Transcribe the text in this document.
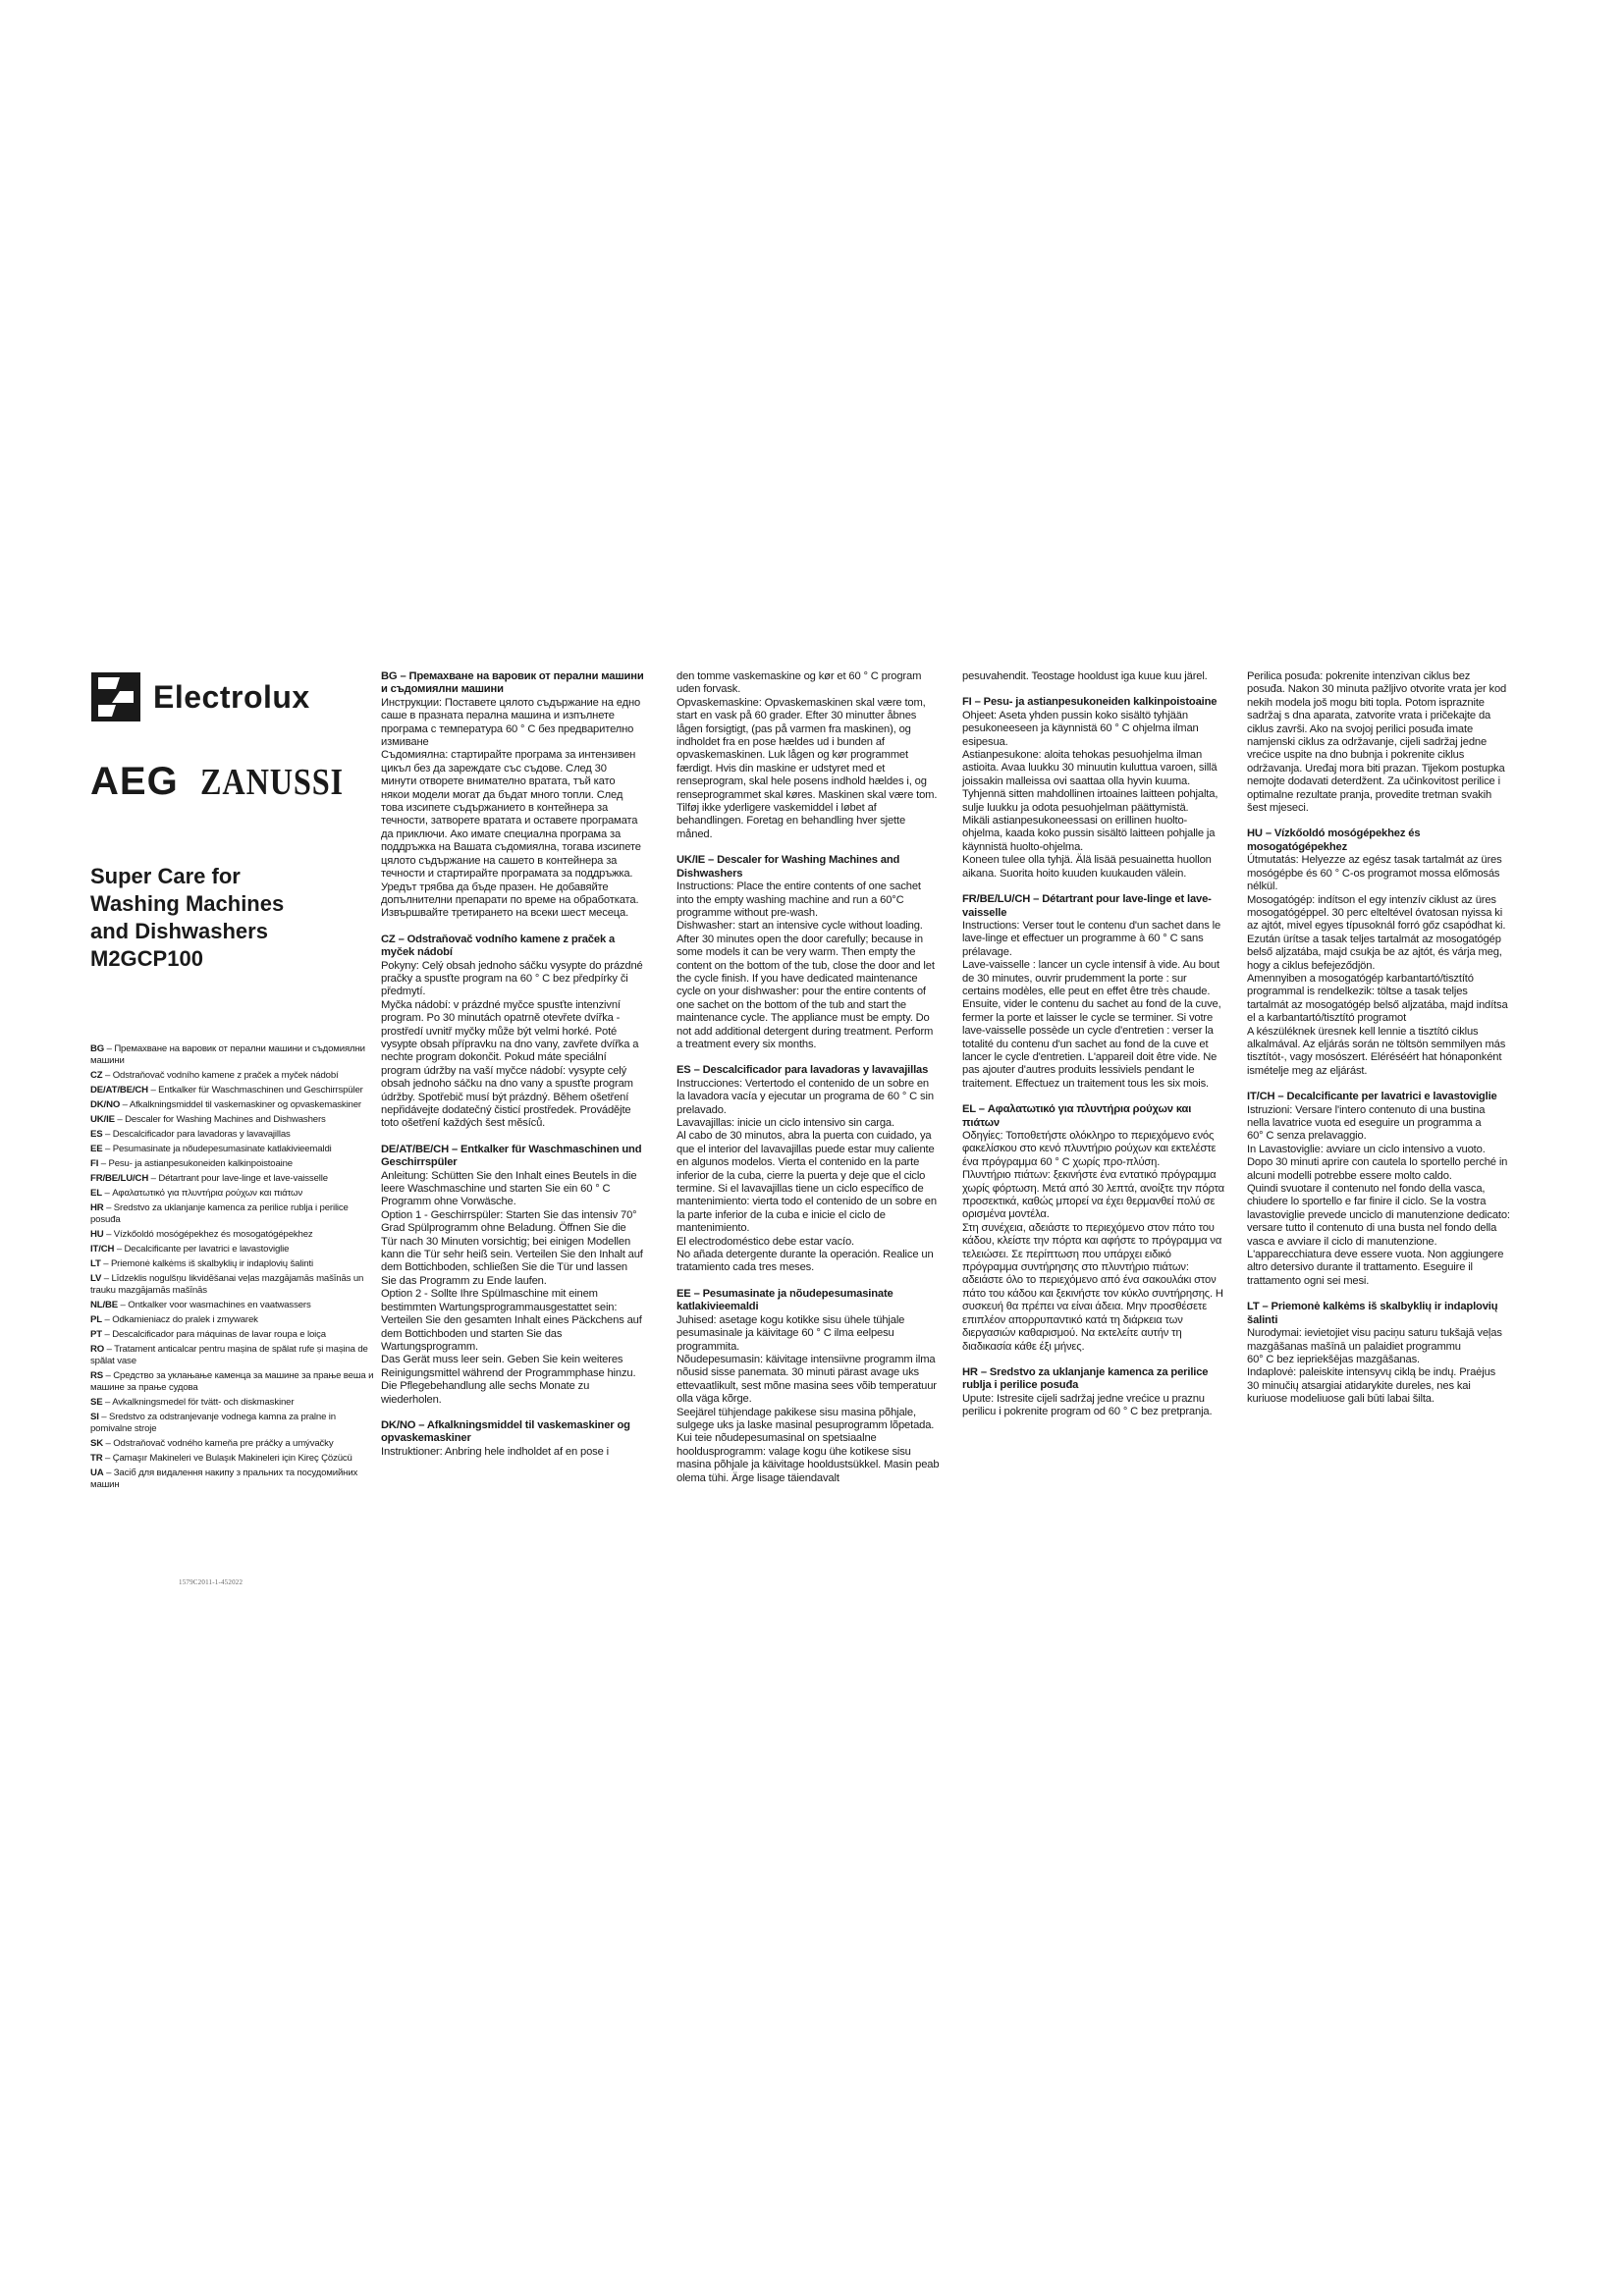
Electrolux
AEG ZANUSSI
Super Care for Washing Machines and Dishwashers
M2GCP100
BG – Премахване на варовик от перални машини и съдомиялни машини
CZ – Odstraňovač vodního kamene z praček a myček nádobí
DE/AT/BE/CH – Entkalker für Waschmaschinen und Geschirrspüler
DK/NO – Afkalkningsmiddel til vaskemaskiner og opvaskemaskiner
UK/IE – Descaler for Washing Machines and Dishwashers
ES – Descalcificador para lavadoras y lavavajillas
EE – Pesumasinate ja nõudepesumasinate katlakivieemaldi
FI – Pesu- ja astianpesukoneiden kalkinpoistoaine
FR/BE/LU/CH – Détartrant pour lave-linge et lave-vaisselle
EL – Αφαλατωτικό για πλυντήρια ρούχων και πιάτων
HR – Sredstvo za uklanjanje kamenca za perilice rublja i perilice posuđa
HU – Vízkőoldó mosógépekhez és mosogatógépekhez
IT/CH – Decalcificante per lavatrici e lavastoviglie
LT – Priemonė kalkėms iš skalbyklių ir indaplovių šalinti
LV – Līdzeklis nogulšņu likvidēšanai veļas mazgājamās mašīnās un trauku mazgājamās mašīnās
NL/BE – Ontkalker voor wasmachines en vaatwassers
PL – Odkamieniacz do pralek i zmywarek
PT – Descalcificador para máquinas de lavar roupa e loiça
RO – Tratament anticalcar pentru mașina de spălat rufe și mașina de spălat vase
RS – Средство за уклањање каменца за машине за прање веша и машине за прање судова
SE – Avkalkningsmedel för tvätt- och diskmaskiner
SI – Sredstvo za odstranjevanje vodnega kamna za pralne in pomivalne stroje
SK – Odstraňovač vodného kameňa pre práčky a umývačky
TR – Çamaşır Makineleri ve Bulaşık Makineleri için Kireç Çözücü
UA – Засіб для видалення накипу з пральних та посудомийних машин
1579C2011-1-452022
BG – Премахване на варовик от перални машини и съдомиялни машини
Инструкции: Поставете цялото съдържание на едно саше в празната перална машина и изпълнете програма с температура 60 ° С без предварително измиване
Съдомиялна: стартирайте програма за интензивен цикъл без да зареждате със съдове. След 30 минути отворете внимателно вратата, тъй като някои модели могат да бъдат много топли. След това изсипете съдържанието в контейнера за течности, затворете вратата и оставете програмата да приключи. Ако имате специална програма за поддръжка на Вашата съдомиялна, тогава изсипете цялото съдържание на сашето в контейнера за течности и стартирайте програмата за поддръжка. Уредът трябва да бъде празен. Не добавяйте допълнителни препарати по време на обработката. Извършвайте третирането на всеки шест месеца.
CZ – Odstraňovač vodního kamene z praček a myček nádobí
Pokyny: Celý obsah jednoho sáčku vysypte do prázdné pračky a spusťte program na 60 ° C bez předpírky či předmytí.
Myčka nádobí: v prázdné myčce spusťte intenzivní program. Po 30 minutách opatrně otevřete dvířka - prostředí uvnitř myčky může být velmi horké. Poté vysypte obsah přípravku na dno vany, zavřete dvířka a nechte program dokončit. Pokud máte speciální program údržby na vaší myčce nádobí: vysypte celý obsah jednoho sáčku na dno vany a spusťte program údržby. Spotřebič musí být prázdný. Během ošetření nepřidávejte dodatečný čisticí prostředek. Provádějte toto ošetření každých šest měsíců.
DE/AT/BE/CH – Entkalker für Waschmaschinen und Geschirrspüler
Anleitung: Schütten Sie den Inhalt eines Beutels in die leere Waschmaschine und starten Sie ein 60 ° C Programm ohne Vorwäsche.
Option 1 - Geschirrspüler: Starten Sie das intensiv 70° Grad Spülprogramm ohne Beladung. Öffnen Sie die Tür nach 30 Minuten vorsichtig; bei einigen Modellen kann die Tür sehr heiß sein. Verteilen Sie den Inhalt auf dem Bottichboden, schließen Sie die Tür und lassen Sie das Programm zu Ende laufen.
Option 2 - Sollte Ihre Spülmaschine mit einem bestimmten Wartungsprogrammausgestattet sein: Verteilen Sie den gesamten Inhalt eines Päckchens auf dem Bottichboden und starten Sie das Wartungsprogramm.
Das Gerät muss leer sein. Geben Sie kein weiteres Reinigungsmittel während der Programmphase hinzu. Die Pflegebehandlung alle sechs Monate zu wiederholen.
DK/NO – Afkalkningsmiddel til vaskemaskiner og opvaskemaskiner
Instruktioner: Anbring hele indholdet af en pose i
den tomme vaskemaskine og kør et 60 ° C program uden forvask.
Opvaskemaskine: Opvaskemaskinen skal være tom, start en vask på 60 grader. Efter 30 minutter åbnes lågen forsigtigt, (pas på varmen fra maskinen), og indholdet fra en pose hældes ud i bunden af opvaskemaskinen. Luk lågen og kør programmet færdigt. Hvis din maskine er udstyret med et renseprogram, skal hele posens indhold hældes i, og renseprogrammet skal køres. Maskinen skal være tom. Tilføj ikke yderligere vaskemiddel i løbet af behandlingen. Foretag en behandling hver sjette måned.
UK/IE – Descaler for Washing Machines and Dishwashers
Instructions: Place the entire contents of one sachet into the empty washing machine and run a 60°C programme without pre-wash.
Dishwasher: start an intensive cycle without loading. After 30 minutes open the door carefully; because in some models it can be very warm. Then empty the content on the bottom of the tub, close the door and let the cycle finish. If you have dedicated maintenance cycle on your dishwasher: pour the entire contents of one sachet on the bottom of the tub and start the maintenance cycle. The appliance must be empty. Do not add additional detergent during treatment. Perform a treatment every six months.
ES – Descalcificador para lavadoras y lavavajillas
Instrucciones: Vertertodo el contenido de un sobre en la lavadora vacía y ejecutar un programa de 60 ° C sin prelavado.
Lavavajillas: inicie un ciclo intensivo sin carga.
Al cabo de 30 minutos, abra la puerta con cuidado, ya que el interior del lavavajillas puede estar muy caliente en algunos modelos. Vierta el contenido en la parte inferior de la cuba, cierre la puerta y deje que el ciclo termine. Si el lavavajillas tiene un ciclo específico de mantenimiento: vierta todo el contenido de un sobre en la parte inferior de la cuba e inicie el ciclo de mantenimiento.
El electrodoméstico debe estar vacío.
No añada detergente durante la operación. Realice un tratamiento cada tres meses.
EE – Pesumasinate ja nõudepesumasinate katlakivieemaldi
Juhised: asetage kogu kotikke sisu ühele tühjale pesumasinale ja käivitage 60 ° C ilma eelpesu programmita.
Nõudepesumasin: käivitage intensiivne programm ilma nõusid sisse panemata. 30 minuti pärast avage uks ettevaatlikult, sest mõne masina sees võib temperatuur olla väga kõrge.
Seejärel tühjendage pakikese sisu masina põhjale, sulgege uks ja laske masinal pesuprogramm lõpetada. Kui teie nõudepesumasinal on spetsiaalne hooldusprogramm: valage kogu ühe kotikese sisu masina põhjale ja käivitage hooldustsükkel. Masin peab olema tühi. Ärge lisage täiendavalt
pesuvahendit. Teostage hooldust iga kuue kuu järel.
FI – Pesu- ja astianpesukoneiden kalkinpoistoaine
Ohjeet: Aseta yhden pussin koko sisältö tyhjään pesukoneeseen ja käynnistä 60 ° C ohjelma ilman esipesua.
Astianpesukone: aloita tehokas pesuohjelma ilman astioita. Avaa luukku 30 minuutin kuluttua varoen, sillä joissakin malleissa ovi saattaa olla hyvin kuuma. Tyhjennä sitten mahdollinen irtoaines laitteen pohjalta, sulje luukku ja odota pesuohjelman päättymistä.
Mikäli astianpesukoneessasi on erillinen huolto-ohjelma, kaada koko pussin sisältö laitteen pohjalle ja käynnistä huolto-ohjelma.
Koneen tulee olla tyhjä. Älä lisää pesuainetta huollon aikana. Suorita hoito kuuden kuukauden välein.
FR/BE/LU/CH – Détartrant pour lave-linge et lave-vaisselle
Instructions: Verser tout le contenu d'un sachet dans le lave-linge et effectuer un programme à 60 ° C sans prélavage.
Lave-vaisselle : lancer un cycle intensif à vide. Au bout de 30 minutes, ouvrir prudemment la porte : sur certains modèles, elle peut en effet être très chaude. Ensuite, vider le contenu du sachet au fond de la cuve, fermer la porte et laisser le cycle se terminer. Si votre lave-vaisselle possède un cycle d'entretien : verser la totalité du contenu d'un sachet au fond de la cuve et lancer le cycle d'entretien. L'appareil doit être vide. Ne pas ajouter d'autres produits lessiviels pendant le traitement. Effectuez un traitement tous les six mois.
EL – Αφαλατωτικό για πλυντήρια ρούχων και πιάτων
Οδηγίες: Τοποθετήστε ολόκληρο το περιεχόμενο ενός φακελίσκου στο κενό πλυντήριο ρούχων και εκτελέστε ένα πρόγραμμα 60 ° C χωρίς προ-πλύση.
Πλυντήριο πιάτων: ξεκινήστε ένα εντατικό πρόγραμμα χωρίς φόρτωση. Μετά από 30 λεπτά, ανοίξτε την πόρτα προσεκτικά, καθώς μπορεί να έχει θερμανθεί πολύ σε ορισμένα μοντέλα.
Στη συνέχεια, αδειάστε το περιεχόμενο στον πάτο του κάδου, κλείστε την πόρτα και αφήστε το πρόγραμμα να τελειώσει. Σε περίπτωση που υπάρχει ειδικό πρόγραμμα συντήρησης στο πλυντήριο πιάτων: αδειάστε όλο το περιεχόμενο από ένα σακουλάκι στον πάτο του κάδου και ξεκινήστε τον κύκλο συντήρησης. Η συσκευή θα πρέπει να είναι άδεια. Μην προσθέσετε επιπλέον απορρυπαντικό κατά τη διάρκεια των διεργασιών καθαρισμού. Να εκτελείτε αυτήν τη διαδικασία κάθε έξι μήνες.
HR – Sredstvo za uklanjanje kamenca za perilice rublja i perilice posuđa
Upute: Istresite cijeli sadržaj jedne vrećice u praznu perilicu i pokrenite program od 60 ° C bez pretpranja.
Perilica posuđa: pokrenite intenzivan ciklus bez posuđa. Nakon 30 minuta pažljivo otvorite vrata jer kod nekih modela još mogu biti topla. Potom ispraznite sadržaj s dna aparata, zatvorite vrata i pričekajte da ciklus završi. Ako na svojoj perilici posuđa imate namjenski ciklus za održavanje, cijeli sadržaj jedne vrećice uspite na dno bubnja i pokrenite ciklus održavanja. Uređaj mora biti prazan. Tijekom postupka nemojte dodavati deterdžent. Za učinkovitost perilice i optimalne rezultate pranja, provedite tretman svakih šest mjeseci.
HU – Vízkőoldó mosógépekhez és mosogatógépekhez
Útmutatás: Helyezze az egész tasak tartalmát az üres mosógépbe és 60 ° C-os programot mossa előmosás nélkül.
Mosogatógép: indítson el egy intenzív ciklust az üres mosogatógéppel. 30 perc elteltével óvatosan nyissa ki az ajtót, mivel egyes típusoknál forró gőz csapódhat ki. Ezután ürítse a tasak teljes tartalmát az mosogatógép belső aljzatába, majd csukja be az ajtót, és várja meg, hogy a ciklus befejeződjön.
Amennyiben a mosogatógép karbantartó/tisztító programmal is rendelkezik: töltse a tasak teljes tartalmát az mosogatógép belső aljzatába, majd indítsa el a karbantartó/tisztító programot
A készüléknek üresnek kell lennie a tisztító ciklus alkalmával. Az eljárás során ne töltsön semmilyen más tisztítót-, vagy mosószert. Eléréséért hat hónaponként ismételje meg az eljárást.
IT/CH – Decalcificante per lavatrici e lavastoviglie
Istruzioni: Versare l'intero contenuto di una bustina nella lavatrice vuota ed eseguire un programma a
60° C senza prelavaggio.
In Lavastoviglie: avviare un ciclo intensivo a vuoto. Dopo 30 minuti aprire con cautela lo sportello perché in alcuni modelli potrebbe essere molto caldo.
Quindi svuotare il contenuto nel fondo della vasca, chiudere lo sportello e far finire il ciclo. Se la vostra lavastoviglie prevede unciclo di manutenzione dedicato: versare tutto il contenuto di una busta nel fondo della vasca e avviare il ciclo di manutenzione.
L'apparecchiatura deve essere vuota. Non aggiungere altro detersivo durante il trattamento. Eseguire il trattamento ogni sei mesi.
LT – Priemonė kalkėms iš skalbyklių ir indaplovių šalinti
Nurodymai: ievietojiet visu paciņu saturu tukšajā veļas mazgāšanas mašīnā un palaidiet programmu
60° C bez iepriekšējas mazgāšanas.
Indaplovė: paleiskite intensyvų ciklą be indų. Praėjus 30 minučių atsargiai atidarykite dureles, nes kai kuriuose modeliuose gali būti labai šilta.
